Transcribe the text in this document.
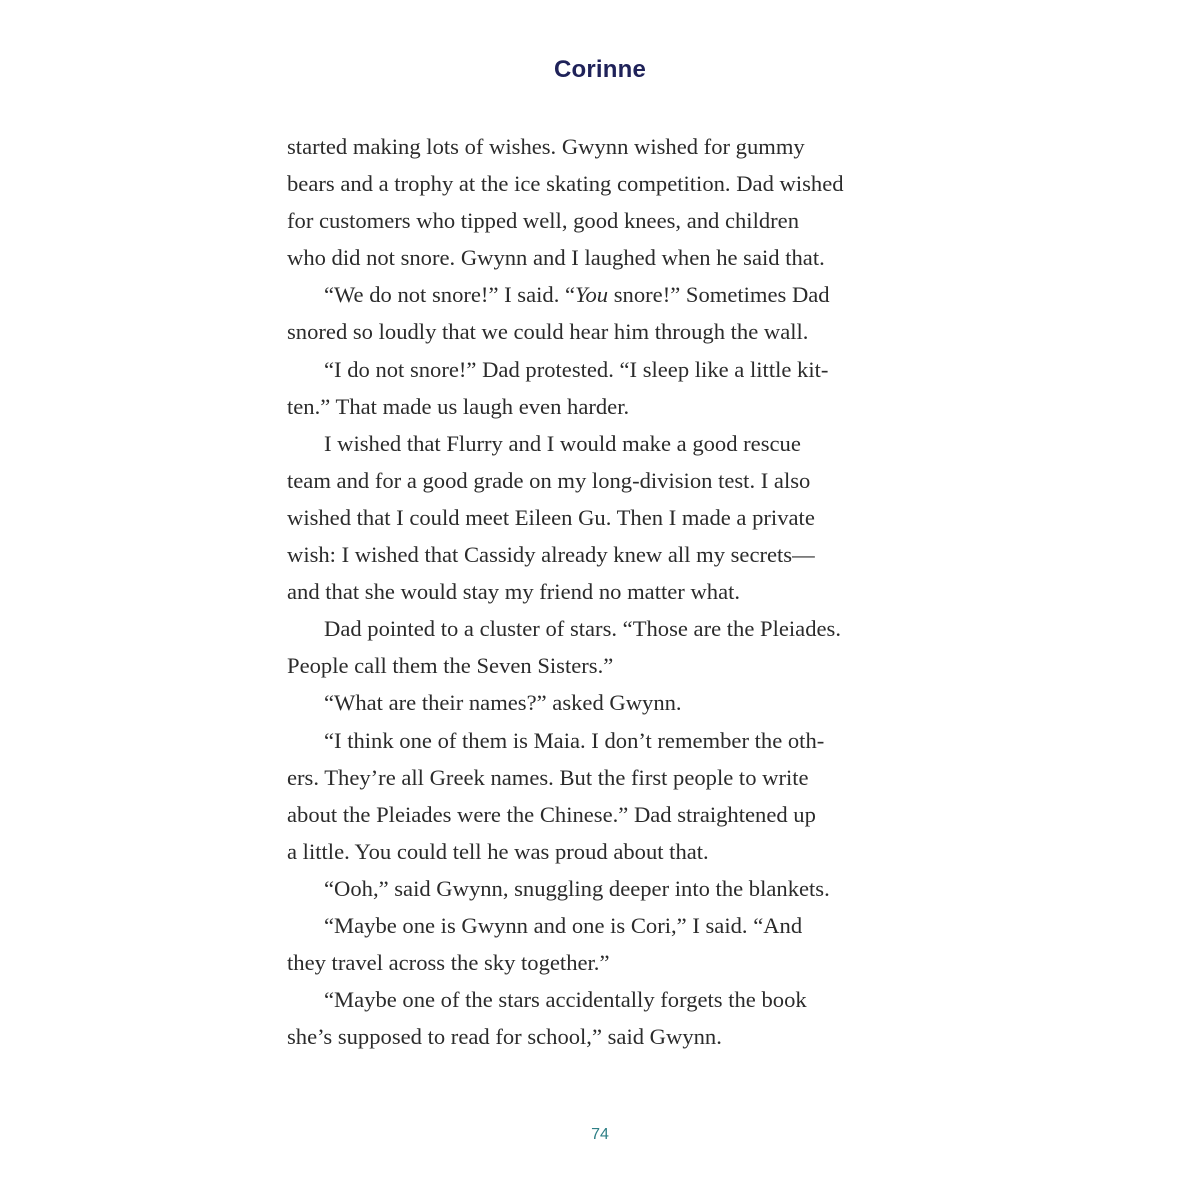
Corinne
started making lots of wishes. Gwynn wished for gummy
bears and a trophy at the ice skating competition. Dad wished
for customers who tipped well, good knees, and children
who did not snore. Gwynn and I laughed when he said that.
“We do not snore!” I said. “You snore!” Sometimes Dad
snored so loudly that we could hear him through the wall.
“I do not snore!” Dad protested. “I sleep like a little kit-
ten.” That made us laugh even harder.
I wished that Flurry and I would make a good rescue
team and for a good grade on my long-division test. I also
wished that I could meet Eileen Gu. Then I made a private
wish: I wished that Cassidy already knew all my secrets—
and that she would stay my friend no matter what.
Dad pointed to a cluster of stars. “Those are the Pleiades.
People call them the Seven Sisters.”
“What are their names?” asked Gwynn.
“I think one of them is Maia. I don’t remember the oth-
ers. They’re all Greek names. But the first people to write
about the Pleiades were the Chinese.” Dad straightened up
a little. You could tell he was proud about that.
“Ooh,” said Gwynn, snuggling deeper into the blankets.
“Maybe one is Gwynn and one is Cori,” I said. “And
they travel across the sky together.”
“Maybe one of the stars accidentally forgets the book
she’s supposed to read for school,” said Gwynn.
74
